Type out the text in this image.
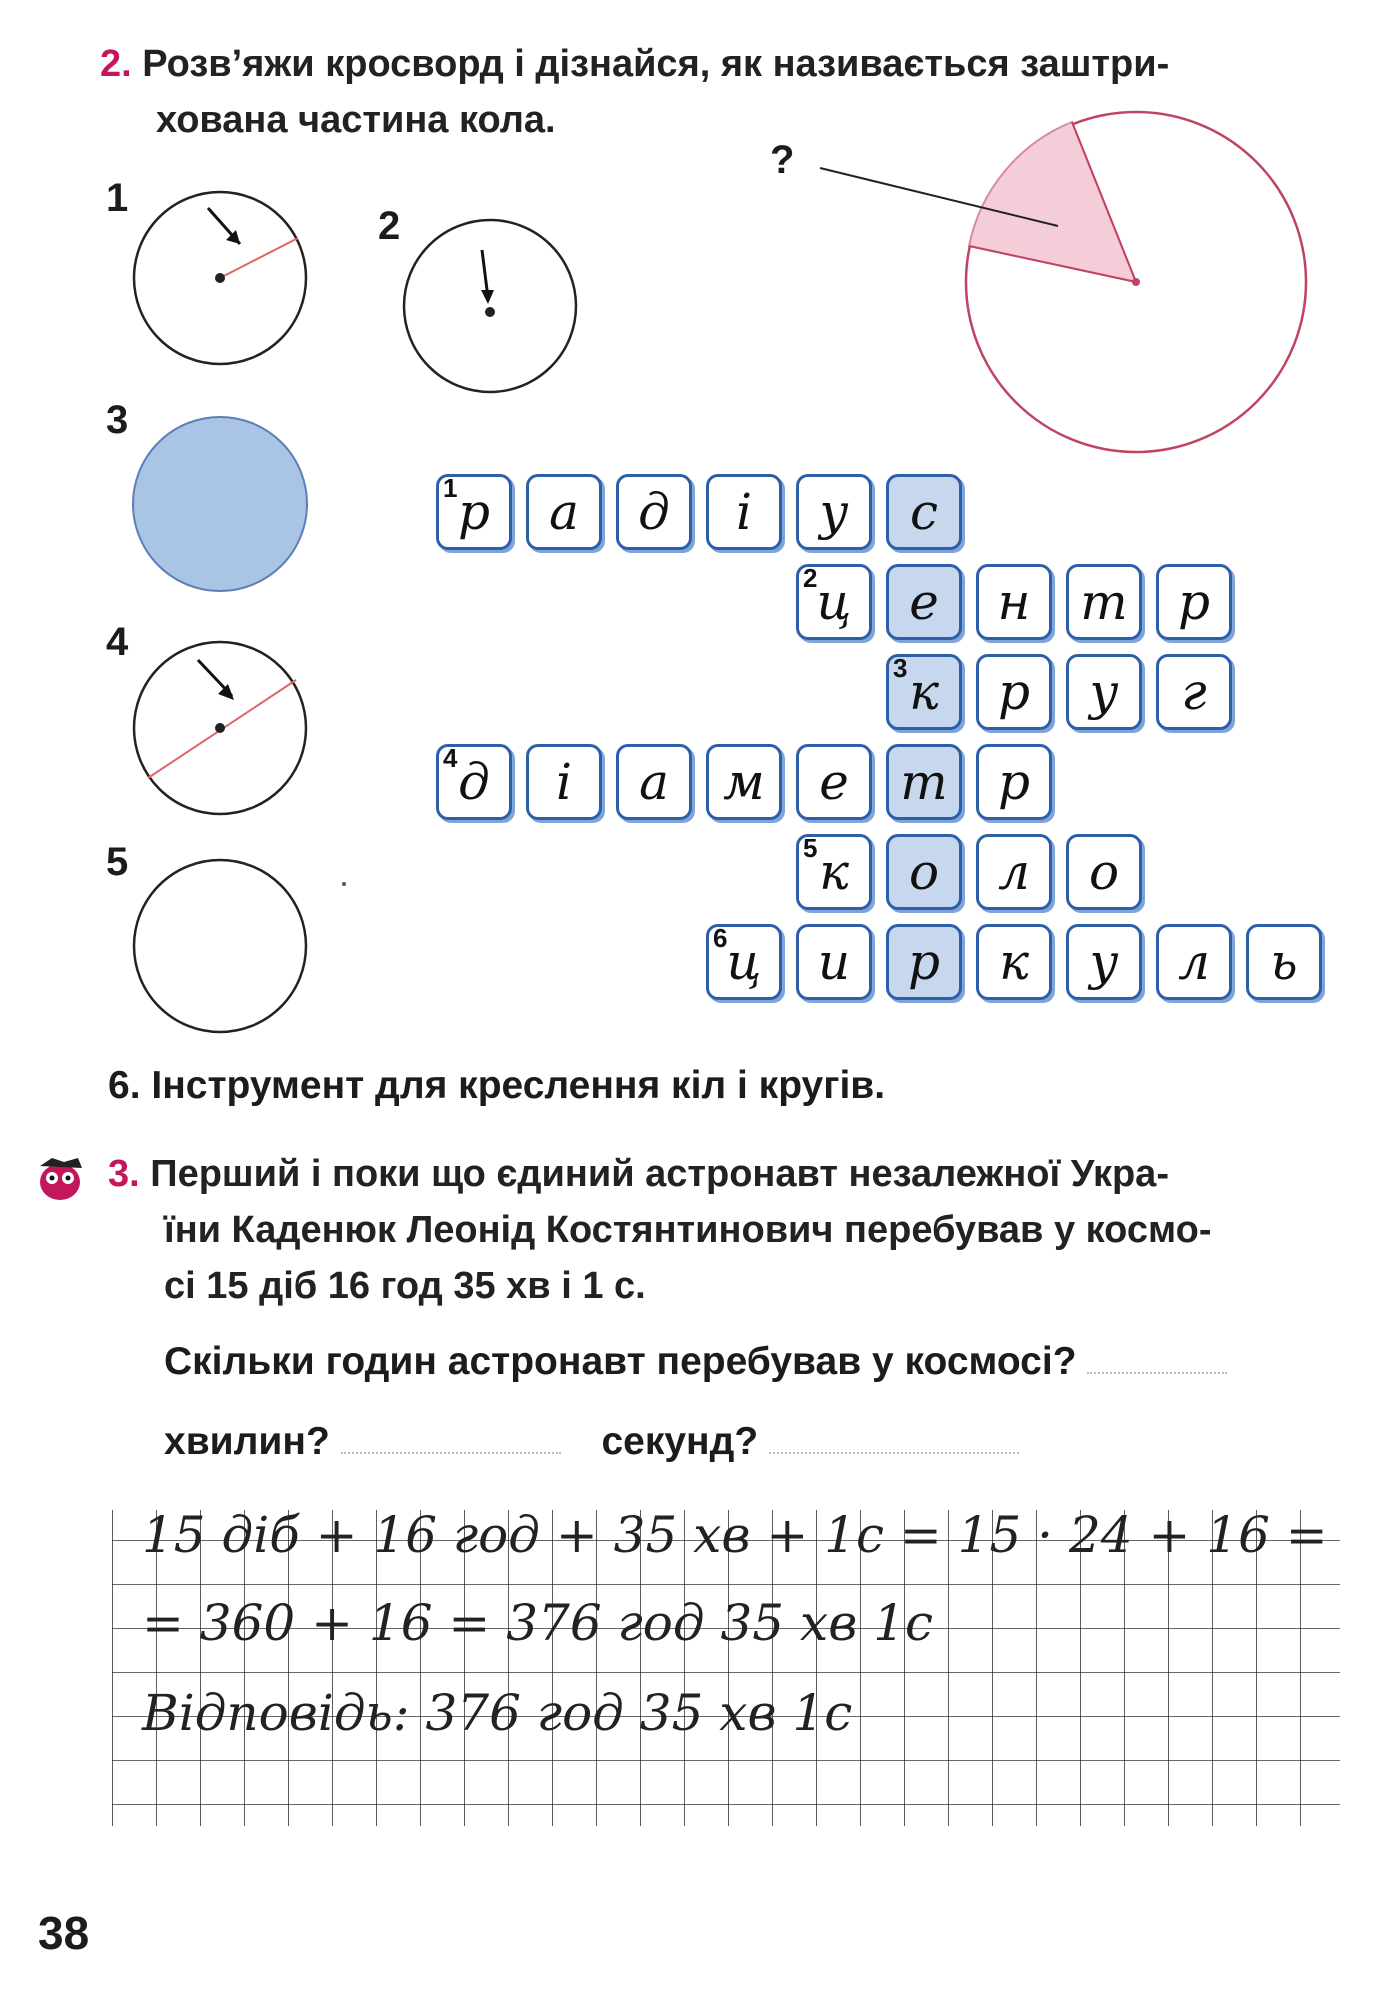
2. Розв’яжи кросворд і дізнайся, як називається заштри-
хована частина кола.
1
2
3
4
5
?
1 р а д і у с
2 ц е н т р
3 к р у г
4 д і а м е т р
5 к о л о
6 ц и р к у л ь
6. Інструмент для креслення кіл і кругів.
3. Перший і поки що єдиний астронавт незалежної Укра-
їни Каденюк Леонід Костянтинович перебував у космо-
сі 15 діб 16 год 35 хв і 1 с.
Скільки годин астронавт перебував у космосі?
хвилин?	секунд?
15 діб + 16 год + 35 хв + 1с = 15 · 24 + 16 =
= 360 + 16 = 376 год 35 хв 1с
Відповідь: 376 год 35 хв 1с
38
